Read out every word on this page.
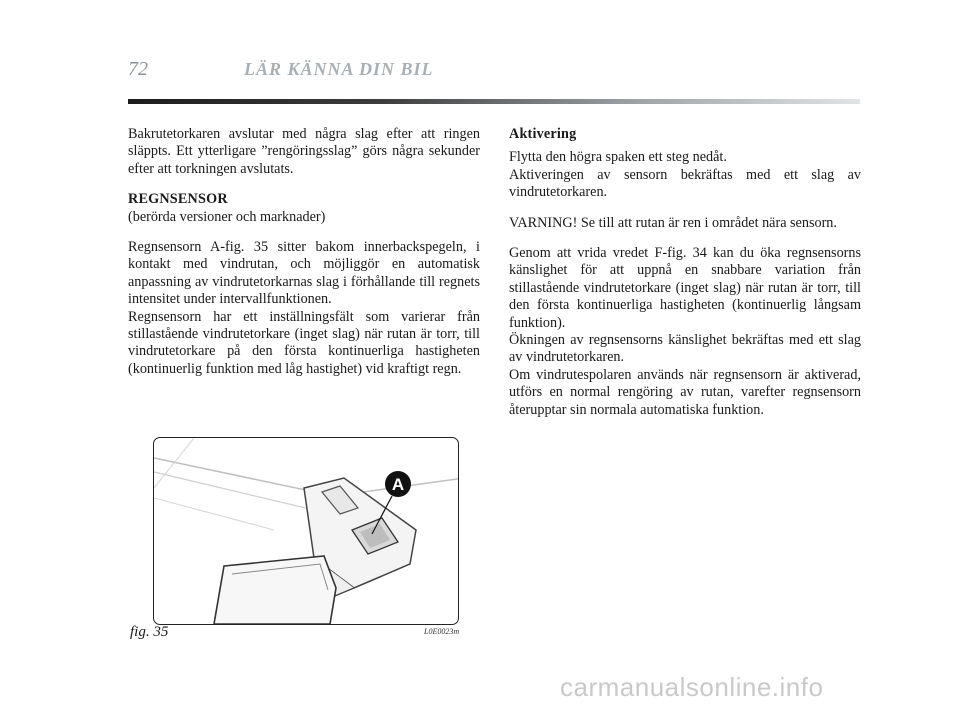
72	LÄR KÄNNA DIN BIL

Bakrutetorkaren avslutar med några slag efter att ringen släppts. Ett ytterligare ”rengöringsslag” görs några sekunder efter att torkningen avslutats.

REGNSENSOR

(berörda versioner och marknader)

Regnsensorn A-fig. 35 sitter bakom innerbackspegeln, i kontakt med vindrutan, och möjliggör en automatisk anpassning av vindrutetorkarnas slag i förhållande till regnets intensitet under intervallfunktionen.

Regnsensorn har ett inställningsfält som varierar från stillastående vindrutetorkare (inget slag) när rutan är torr, till vindrutetorkare på den första kontinuerliga hastigheten (kontinuerlig funktion med låg hastighet) vid kraftigt regn.

Aktivering
Flytta den högra spaken ett steg nedåt.

Aktiveringen av sensorn bekräftas med ett slag av vindrutetorkaren.

VARNING! Se till att rutan är ren i området nära sensorn.

Genom att vrida vredet F-fig. 34 kan du öka regnsensorns känslighet för att uppnå en snabbare variation från stillastående vindrutetorkare (inget slag) när rutan är torr, till den första kontinuerliga hastigheten (kontinuerlig långsam funktion).
Ökningen av regnsensorns känslighet bekräftas med ett slag av vindrutetorkaren.
Om vindrutespolaren används när regnsensorn är aktiverad, utförs en normal rengöring av rutan, varefter regnsensorn återupptar sin normala automatiska funktion.
A
fig. 35	L0E0023m
carmanualsonline.info
